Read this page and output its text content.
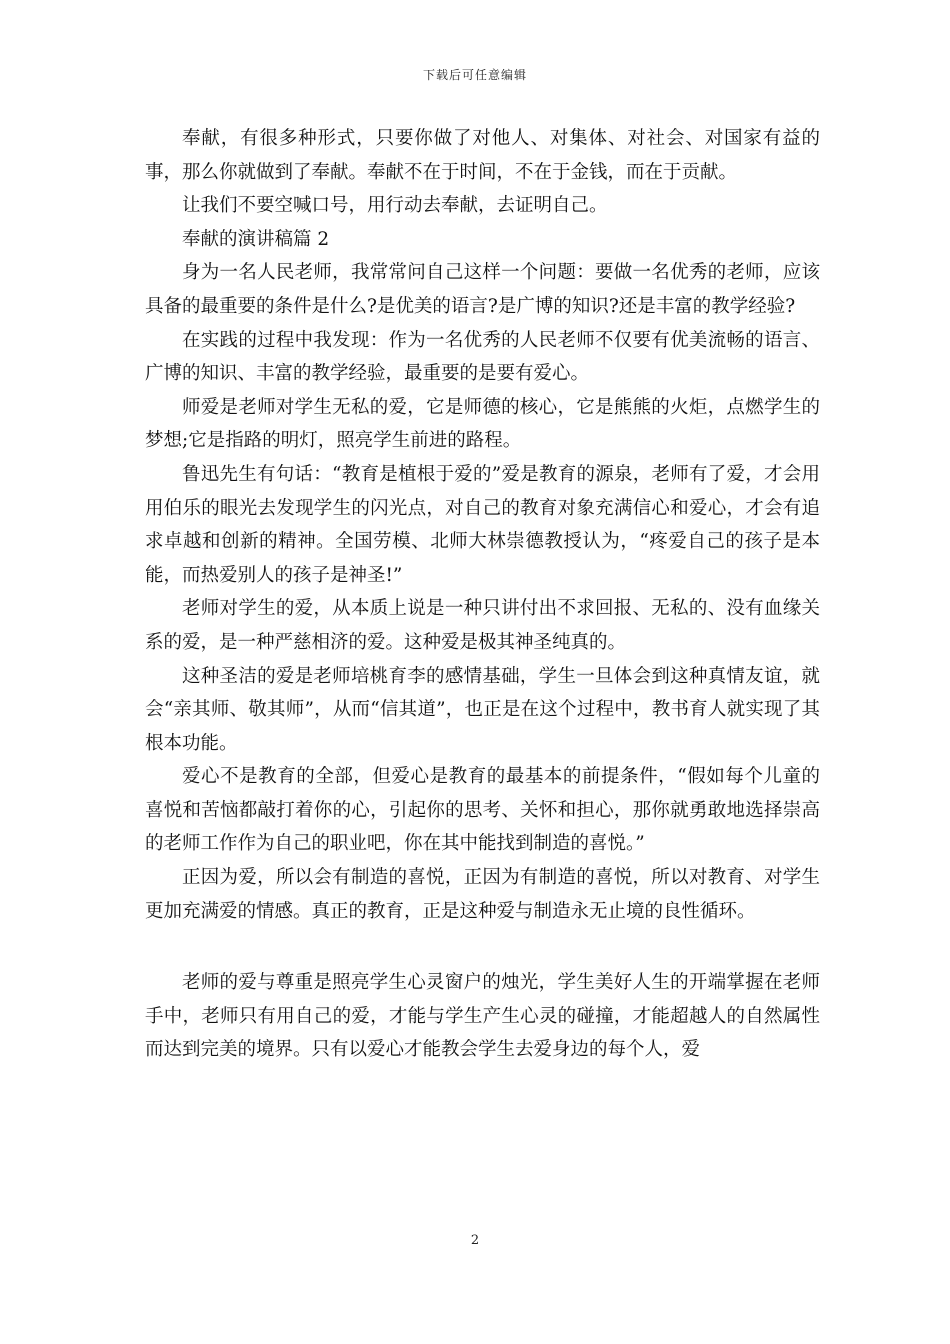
下载后可任意编辑

奉献，有很多种形式，只要你做了对他人、对集体、对社会、对国家有益的事，那么你就做到了奉献。奉献不在于时间，不在于金钱，而在于贡献。

让我们不要空喊口号，用行动去奉献，去证明自己。

奉献的演讲稿篇 2

身为一名人民老师，我常常问自己这样一个问题：要做一名优秀的老师，应该具备的最重要的条件是什么?是优美的语言?是广博的知识?还是丰富的教学经验?

在实践的过程中我发现：作为一名优秀的人民老师不仅要有优美流畅的语言、广博的知识、丰富的教学经验，最重要的是要有爱心。

师爱是老师对学生无私的爱，它是师德的核心，它是熊熊的火炬，点燃学生的梦想;它是指路的明灯，照亮学生前进的路程。

鲁迅先生有句话：“教育是植根于爱的”爱是教育的源泉，老师有了爱，才会用用伯乐的眼光去发现学生的闪光点，对自己的教育对象充满信心和爱心，才会有追求卓越和创新的精神。全国劳模、北师大林崇德教授认为，“疼爱自己的孩子是本能，而热爱别人的孩子是神圣!”

老师对学生的爱，从本质上说是一种只讲付出不求回报、无私的、没有血缘关系的爱，是一种严慈相济的爱。这种爱是极其神圣纯真的。

这种圣洁的爱是老师培桃育李的感情基础，学生一旦体会到这种真情友谊，就会“亲其师、敬其师”，从而“信其道”，也正是在这个过程中，教书育人就实现了其根本功能。

爱心不是教育的全部，但爱心是教育的最基本的前提条件，“假如每个儿童的喜悦和苦恼都敲打着你的心，引起你的思考、关怀和担心，那你就勇敢地选择崇高的老师工作作为自己的职业吧，你在其中能找到制造的喜悦。”

正因为爱，所以会有制造的喜悦，正因为有制造的喜悦，所以对教育、对学生更加充满爱的情感。真正的教育，正是这种爱与制造永无止境的良性循环。

老师的爱与尊重是照亮学生心灵窗户的烛光，学生美好人生的开端掌握在老师手中，老师只有用自己的爱，才能与学生产生心灵的碰撞，才能超越人的自然属性而达到完美的境界。只有以爱心才能教会学生去爱身边的每个人，爱

2
